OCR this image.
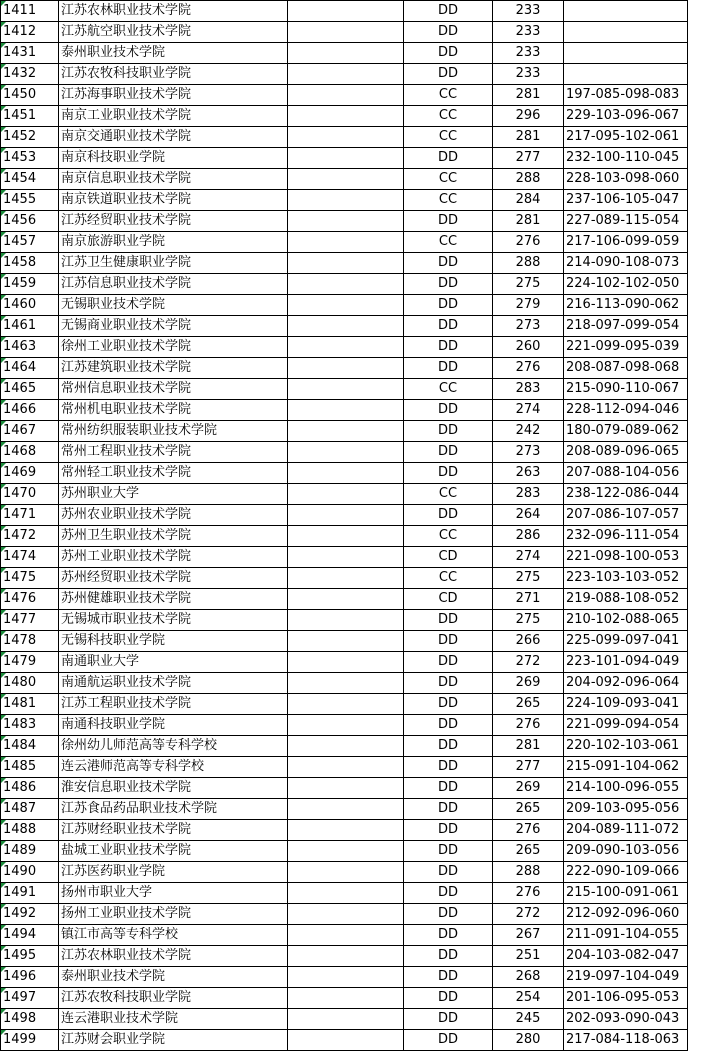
1411	江苏农林职业技术学院		DD	233	
1412	江苏航空职业技术学院		DD	233	
1431	泰州职业技术学院		DD	233	
1432	江苏农牧科技职业学院		DD	233	
1450	江苏海事职业技术学院		CC	281	197-085-098-083
1451	南京工业职业技术学院		CC	296	229-103-096-067
1452	南京交通职业技术学院		CC	281	217-095-102-061
1453	南京科技职业学院		DD	277	232-100-110-045
1454	南京信息职业技术学院		CC	288	228-103-098-060
1455	南京铁道职业技术学院		CC	284	237-106-105-047
1456	江苏经贸职业技术学院		DD	281	227-089-115-054
1457	南京旅游职业学院		CC	276	217-106-099-059
1458	江苏卫生健康职业学院		DD	288	214-090-108-073
1459	江苏信息职业技术学院		DD	275	224-102-102-050
1460	无锡职业技术学院		DD	279	216-113-090-062
1461	无锡商业职业技术学院		DD	273	218-097-099-054
1463	徐州工业职业技术学院		DD	260	221-099-095-039
1464	江苏建筑职业技术学院		DD	276	208-087-098-068
1465	常州信息职业技术学院		CC	283	215-090-110-067
1466	常州机电职业技术学院		DD	274	228-112-094-046
1467	常州纺织服装职业技术学院		DD	242	180-079-089-062
1468	常州工程职业技术学院		DD	273	208-089-096-065
1469	常州轻工职业技术学院		DD	263	207-088-104-056
1470	苏州职业大学		CC	283	238-122-086-044
1471	苏州农业职业技术学院		DD	264	207-086-107-057
1472	苏州卫生职业技术学院		CC	286	232-096-111-054
1474	苏州工业职业技术学院		CD	274	221-098-100-053
1475	苏州经贸职业技术学院		CC	275	223-103-103-052
1476	苏州健雄职业技术学院		CD	271	219-088-108-052
1477	无锡城市职业技术学院		DD	275	210-102-088-065
1478	无锡科技职业学院		DD	266	225-099-097-041
1479	南通职业大学		DD	272	223-101-094-049
1480	南通航运职业技术学院		DD	269	204-092-096-064
1481	江苏工程职业技术学院		DD	265	224-109-093-041
1483	南通科技职业学院		DD	276	221-099-094-054
1484	徐州幼儿师范高等专科学校		DD	281	220-102-103-061
1485	连云港师范高等专科学校		DD	277	215-091-104-062
1486	淮安信息职业技术学院		DD	269	214-100-096-055
1487	江苏食品药品职业技术学院		DD	265	209-103-095-056
1488	江苏财经职业技术学院		DD	276	204-089-111-072
1489	盐城工业职业技术学院		DD	265	209-090-103-056
1490	江苏医药职业学院		DD	288	222-090-109-066
1491	扬州市职业大学		DD	276	215-100-091-061
1492	扬州工业职业技术学院		DD	272	212-092-096-060
1494	镇江市高等专科学校		DD	267	211-091-104-055
1495	江苏农林职业技术学院		DD	251	204-103-082-047
1496	泰州职业技术学院		DD	268	219-097-104-049
1497	江苏农牧科技职业学院		DD	254	201-106-095-053
1498	连云港职业技术学院		DD	245	202-093-090-043
1499	江苏财会职业学院		DD	280	217-084-118-063
